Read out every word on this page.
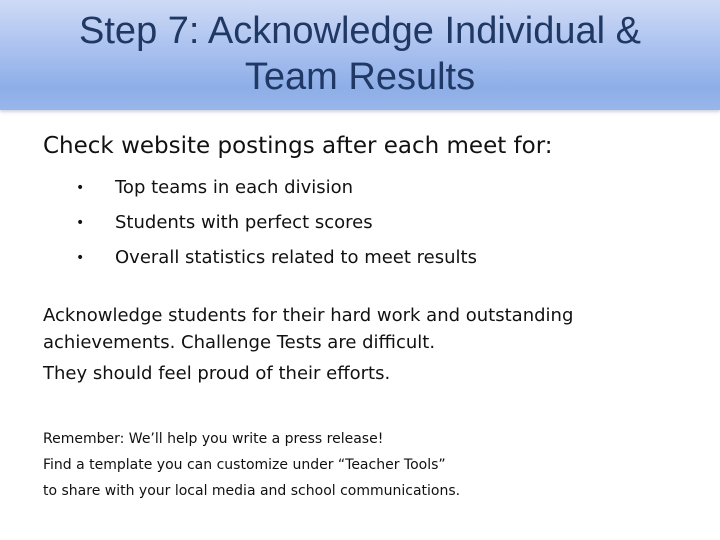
Step 7: Acknowledge Individual &
Team Results
Check website postings after each meet for:
• Top teams in each division
• Students with perfect scores
• Overall statistics related to meet results
Acknowledge students for their hard work and outstanding
achievements. Challenge Tests are difficult.
They should feel proud of their efforts.
Remember: We’ll help you write a press release!
Find a template you can customize under “Teacher Tools”
to share with your local media and school communications.
